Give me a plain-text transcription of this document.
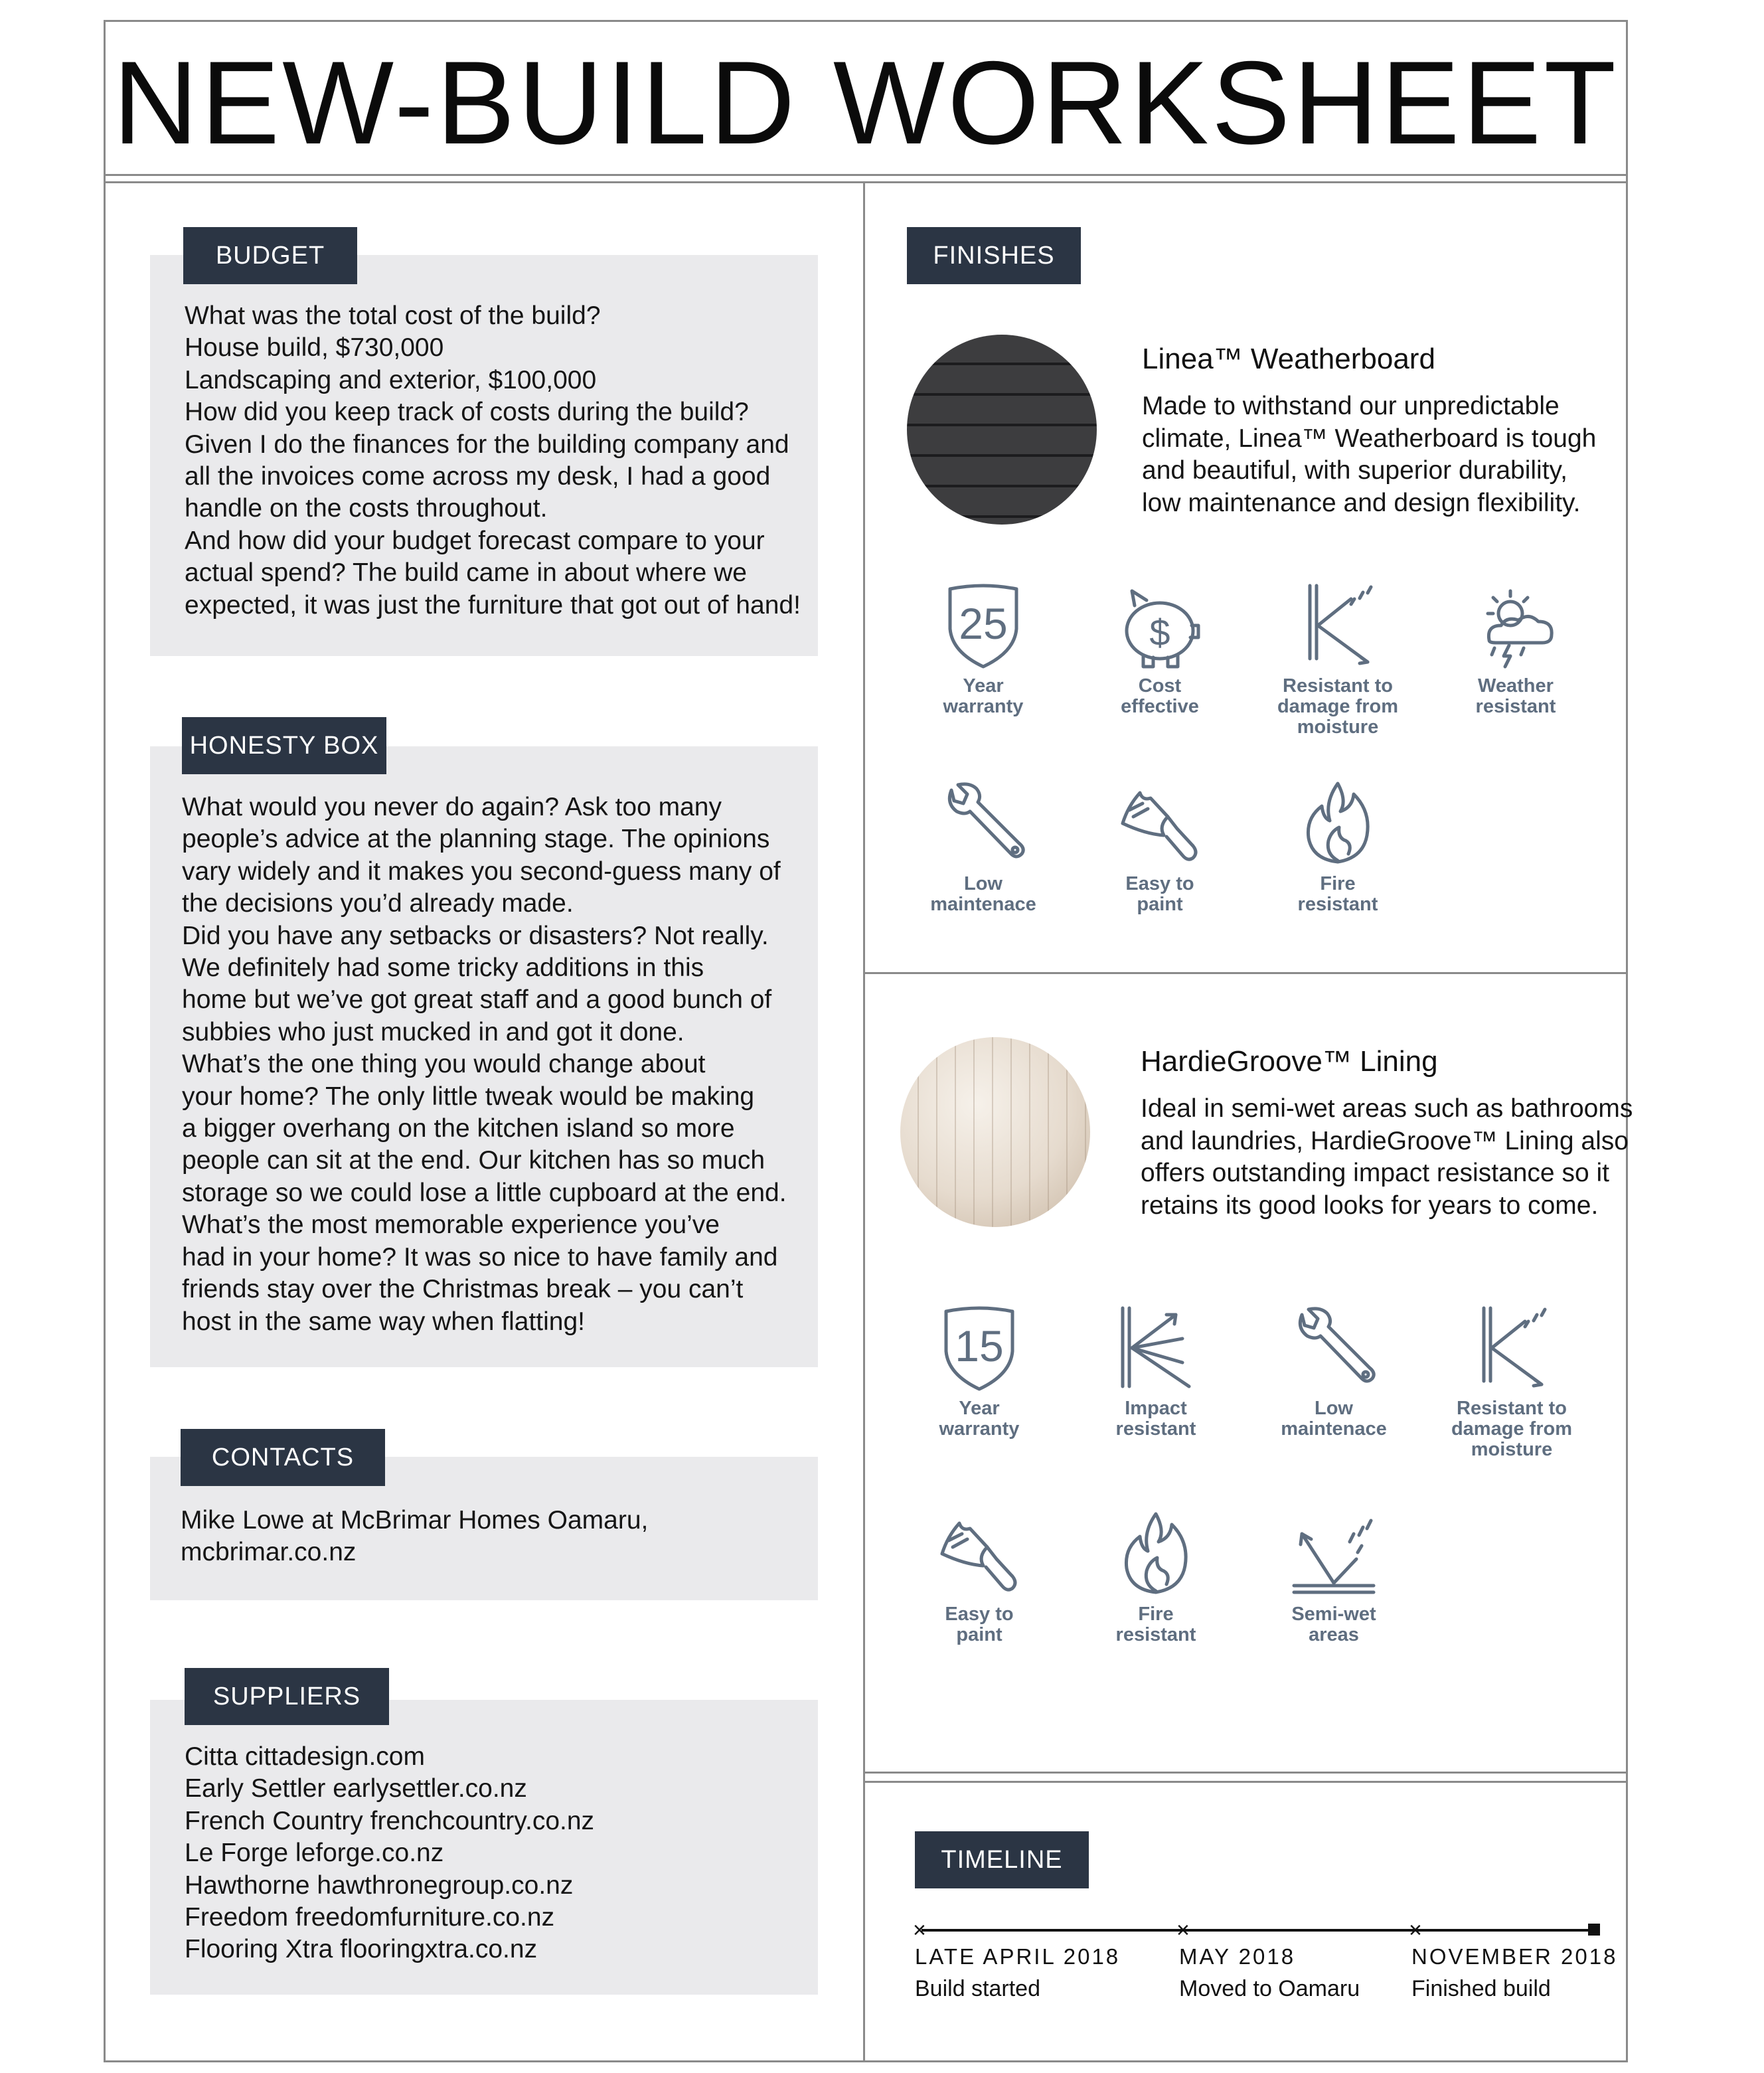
NEW-BUILD WORKSHEET
BUDGET
What was the total cost of the build?
House build, $730,000
Landscaping and exterior, $100,000
How did you keep track of costs during the build?
Given I do the finances for the building company and
all the invoices come across my desk, I had a good
handle on the costs throughout.
And how did your budget forecast compare to your
actual spend? The build came in about where we
expected, it was just the furniture that got out of hand!
HONESTY BOX
What would you never do again? Ask too many
people’s advice at the planning stage. The opinions
vary widely and it makes you second-guess many of
the decisions you’d already made.
Did you have any setbacks or disasters? Not really.
We definitely had some tricky additions in this
home but we’ve got great staff and a good bunch of
subbies who just mucked in and got it done.
What’s the one thing you would change about
your home? The only little tweak would be making
a bigger overhang on the kitchen island so more
people can sit at the end. Our kitchen has so much
storage so we could lose a little cupboard at the end.
What’s the most memorable experience you’ve
had in your home? It was so nice to have family and
friends stay over the Christmas break – you can’t
host in the same way when flatting!
CONTACTS
Mike Lowe at McBrimar Homes Oamaru,
mcbrimar.co.nz
SUPPLIERS
Citta cittadesign.com
Early Settler earlysettler.co.nz
French Country frenchcountry.co.nz
Le Forge leforge.co.nz
Hawthorne hawthronegroup.co.nz
Freedom freedomfurniture.co.nz
Flooring Xtra flooringxtra.co.nz
FINISHES
Linea™ Weatherboard
Made to withstand our unpredictable
climate, Linea™ Weatherboard is tough
and beautiful, with superior durability,
low maintenance and design flexibility.
25
Year
warranty
$
Cost
effective
Resistant to
damage from
moisture
Weather
resistant
Low
maintenace
Easy to
paint
Fire
resistant
HardieGroove™ Lining
Ideal in semi-wet areas such as bathrooms
and laundries, HardieGroove™ Lining also
offers outstanding impact resistance so it
retains its good looks for years to come.
15
Year
warranty
Impact
resistant
Low
maintenace
Resistant to
damage from
moisture
Easy to
paint
Fire
resistant
Semi-wet
areas
TIMELINE
×	×	×
LATE APRIL 2018
Build started
MAY 2018
Moved to Oamaru
NOVEMBER 2018
Finished build
